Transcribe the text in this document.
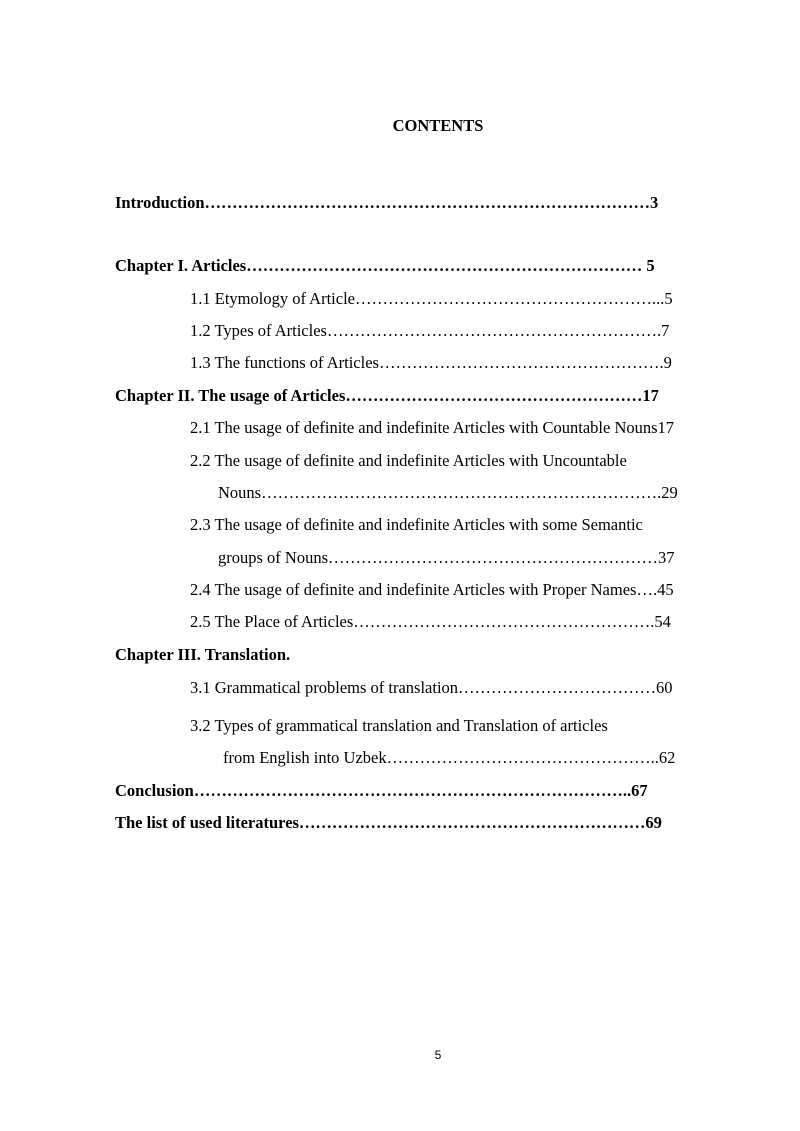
CONTENTS
Introduction………………………………………………………………………3
Chapter I. Articles……………………………………………………………… 5
1.1 Etymology of Article………………………………………………...5
1.2 Types of Articles…………………………………………………….7
1.3 The functions of Articles…………………………………………….9
Chapter II. The usage of Articles………………………………………………17
2.1 The usage of definite and indefinite Articles with Countable Nouns17
2.2 The usage of definite and indefinite Articles with Uncountable
Nouns……………………………………………………………….29
2.3 The usage of definite and indefinite Articles with some Semantic
groups of Nouns……………………………………………………37
2.4 The usage of definite and indefinite Articles with Proper Names….45
2.5 The Place of Articles……………………………………………….54
Chapter III. Translation.
3.1 Grammatical problems of translation………………………………60
3.2 Types of grammatical translation and Translation of articles
from English into Uzbek…………………………………………..62
Conclusion……………………………………………………………………..67
The list of used literatures………………………………………………………69
5
